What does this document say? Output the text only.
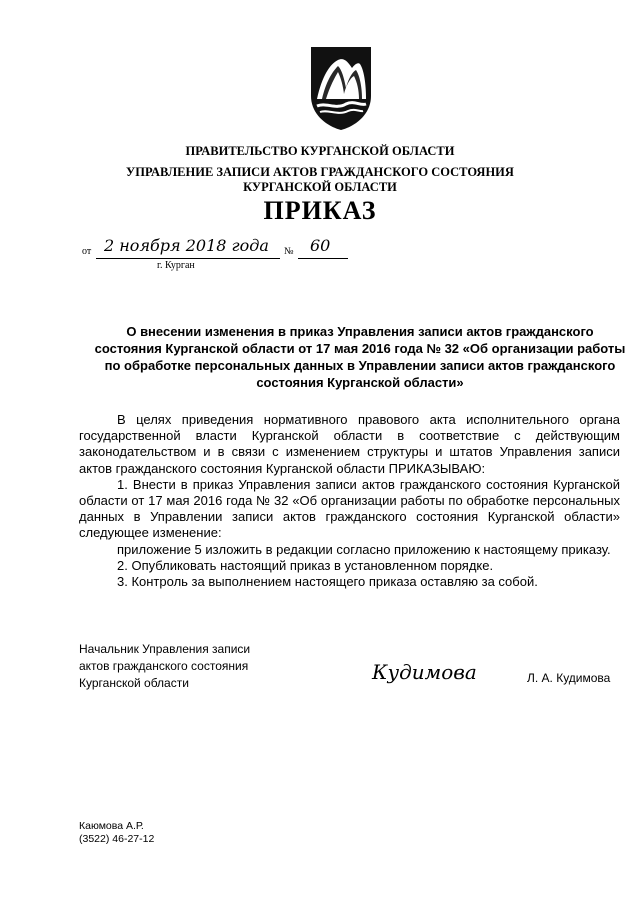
ПРАВИТЕЛЬСТВО КУРГАНСКОЙ ОБЛАСТИ
УПРАВЛЕНИЕ ЗАПИСИ АКТОВ ГРАЖДАНСКОГО СОСТОЯНИЯ
КУРГАНСКОЙ ОБЛАСТИ
ПРИКАЗ
от 2 ноября 2018 года № 60
г. Курган
О внесении изменения в приказ Управления записи актов гражданского
состояния Курганской области от 17 мая 2016 года № 32 «Об организации работы
по обработке персональных данных в Управлении записи актов гражданского
состояния Курганской области»

В целях приведения нормативного правового акта исполнительного органа государственной власти Курганской области в соответствие с действующим законодательством и в связи с изменением структуры и штатов Управления записи актов гражданского состояния Курганской области ПРИКАЗЫВАЮ:

1. Внести в приказ Управления записи актов гражданского состояния Курганской области от 17 мая 2016 года № 32 «Об организации работы по обработке персональных данных в Управлении записи актов гражданского состояния Курганской области» следующее изменение:

приложение 5 изложить в редакции согласно приложению к настоящему приказу.

2. Опубликовать настоящий приказ в установленном порядке.

3. Контроль за выполнением настоящего приказа оставляю за собой.

Начальник Управления записи
актов гражданского состояния
Курганской области	Кудимова	Л. А. Кудимова
Каюмова А.Р.
(3522) 46-27-12
